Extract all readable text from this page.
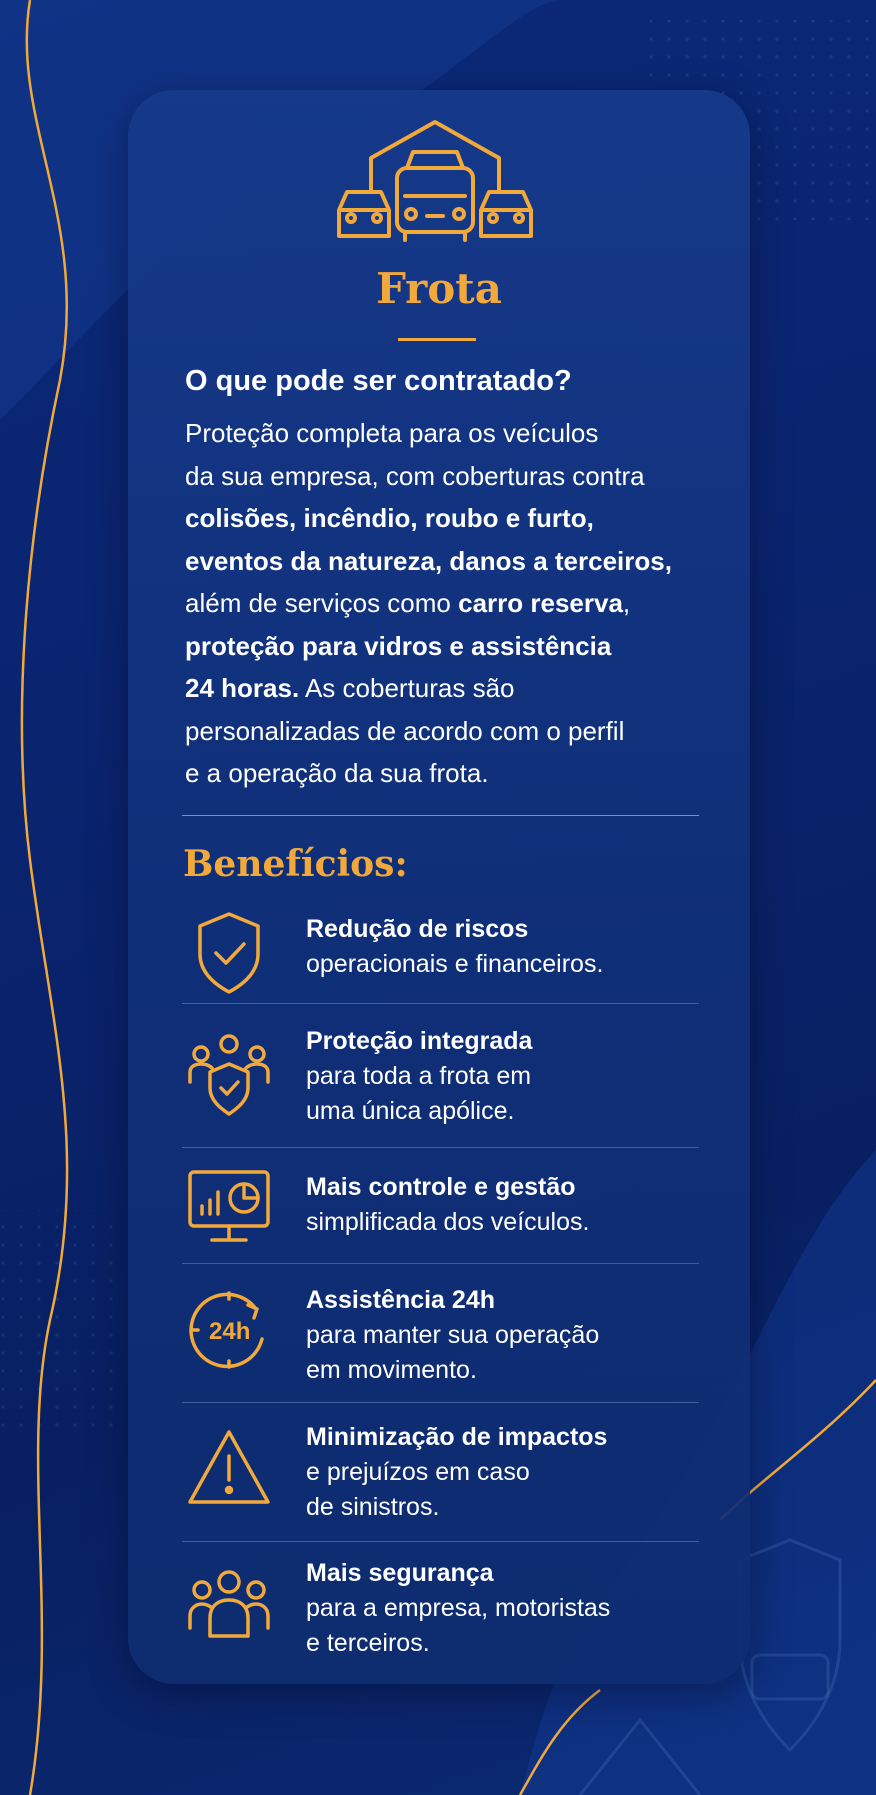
Frota
O que pode ser contratado?
Proteção completa para os veículos
da sua empresa, com coberturas contra
colisões, incêndio, roubo e furto,
eventos da natureza, danos a terceiros,
além de serviços como carro reserva,
proteção para vidros e assistência
24 horas. As coberturas são
personalizadas de acordo com o perfil
e a operação da sua frota.
Benefícios:
Redução de riscos
operacionais e financeiros.
Proteção integrada
para toda a frota em
uma única apólice.
Mais controle e gestão
simplificada dos veículos.
24h
Assistência 24h
para manter sua operação
em movimento.
Minimização de impactos
e prejuízos em caso
de sinistros.
Mais segurança
para a empresa, motoristas
e terceiros.
